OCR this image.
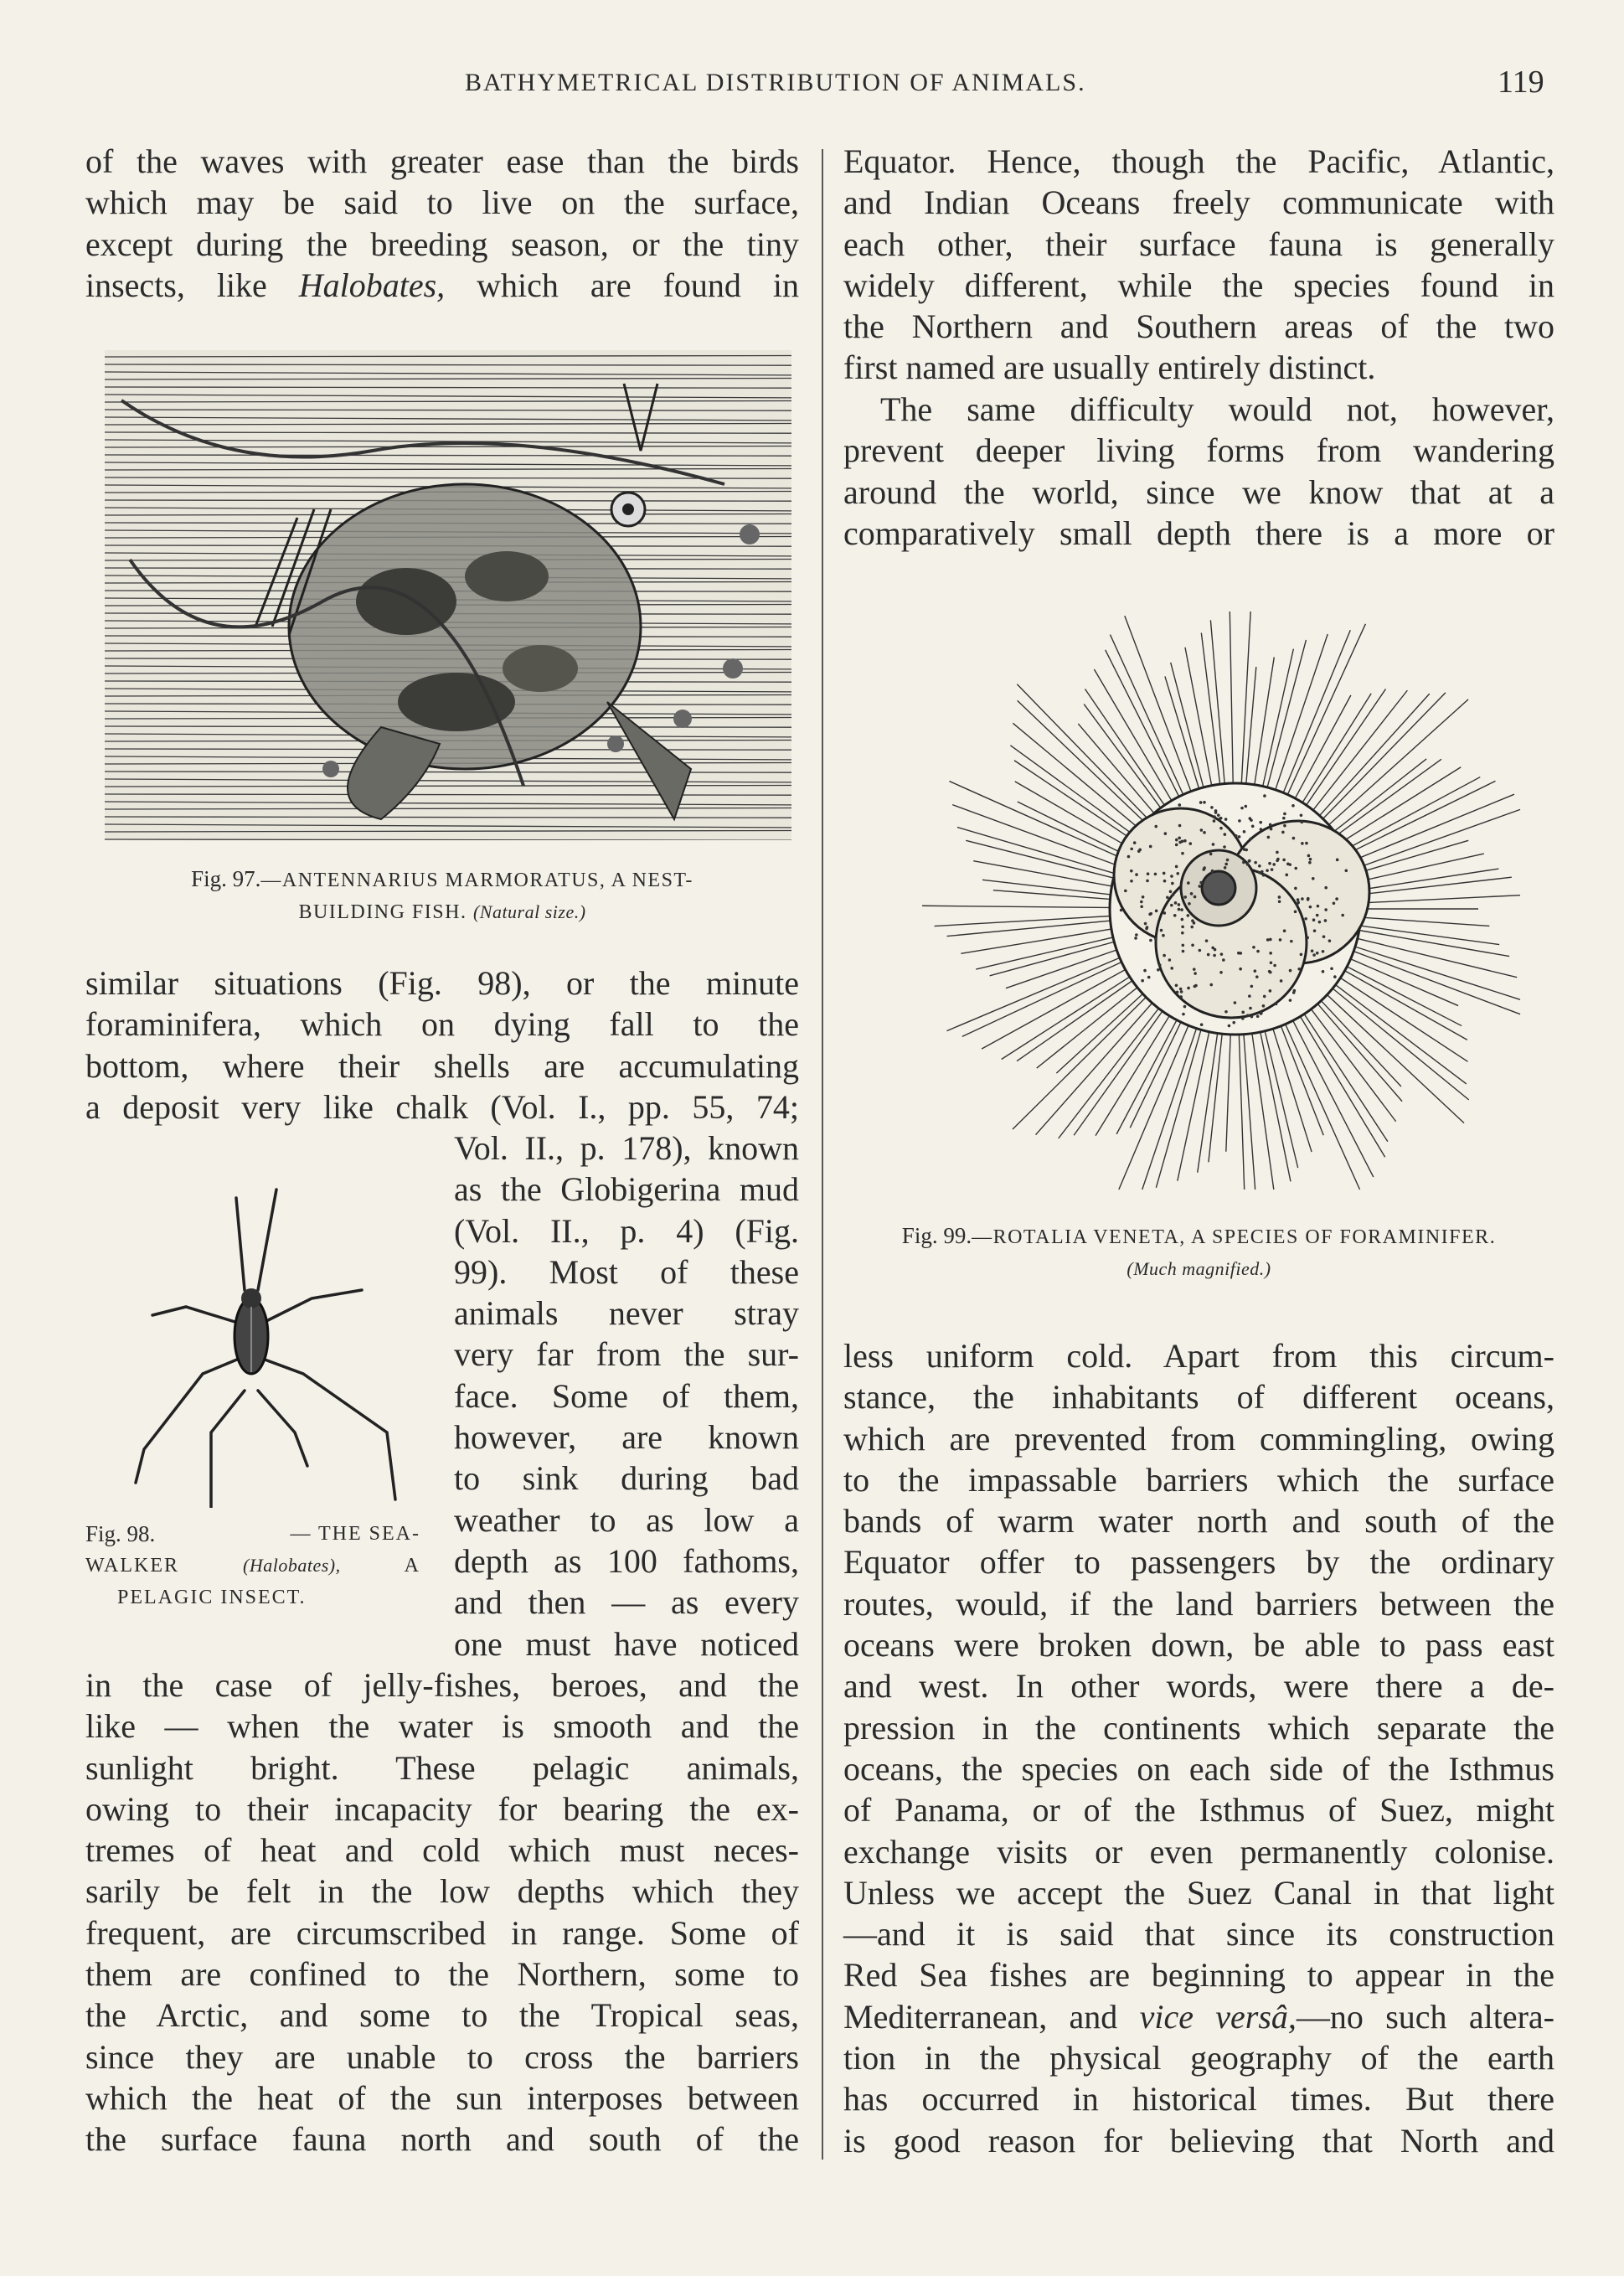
BATHYMETRICAL DISTRIBUTION OF ANIMALS.	119

of the waves with greater ease than the birds

which may be said to live on the surface,

except during the breeding season, or the tiny

insects, like Halobates, which are found in

Fig. 97.—ANTENNARIUS MARMORATUS, A NEST-
BUILDING FISH. (Natural size.)

similar situations (Fig. 98), or the minute

foraminifera, which on dying fall to the

bottom, where their shells are accumulating

a deposit very like chalk (Vol. I., pp. 55, 74;

Fig. 98.	— THE SEA-
WALKER	(Halobates),	A
PELAGIC INSECT.

Vol. II., p. 178), known

as the Globigerina mud

(Vol. II., p. 4) (Fig.

99). Most of these

animals never stray

very far from the sur-

face. Some of them,

however, are known

to sink during bad

weather to as low a

depth as 100 fathoms,

and then — as every

one must have noticed

in the case of jelly-fishes, beroes, and the

like — when the water is smooth and the

sunlight bright. These pelagic animals,

owing to their incapacity for bearing the ex-

tremes of heat and cold which must neces-

sarily be felt in the low depths which they

frequent, are circumscribed in range. Some of

them are confined to the Northern, some to

the Arctic, and some to the Tropical seas,

since they are unable to cross the barriers

which the heat of the sun interposes between

the surface fauna north and south of the

Equator. Hence, though the Pacific, Atlantic,

and Indian Oceans freely communicate with

each other, their surface fauna is generally

widely different, while the species found in

the Northern and Southern areas of the two

first named are usually entirely distinct.

The same difficulty would not, however,

prevent deeper living forms from wandering

around the world, since we know that at a

comparatively small depth there is a more or

Fig. 99.—ROTALIA VENETA, A SPECIES OF FORAMINIFER.
(Much magnified.)

less uniform cold. Apart from this circum-

stance, the inhabitants of different oceans,

which are prevented from commingling, owing

to the impassable barriers which the surface

bands of warm water north and south of the

Equator offer to passengers by the ordinary

routes, would, if the land barriers between the

oceans were broken down, be able to pass east

and west. In other words, were there a de-

pression in the continents which separate the

oceans, the species on each side of the Isthmus

of Panama, or of the Isthmus of Suez, might

exchange visits or even permanently colonise.

Unless we accept the Suez Canal in that light

—and it is said that since its construction

Red Sea fishes are beginning to appear in the

Mediterranean, and vice versâ,—no such altera-

tion in the physical geography of the earth

has occurred in historical times. But there

is good reason for believing that North and
